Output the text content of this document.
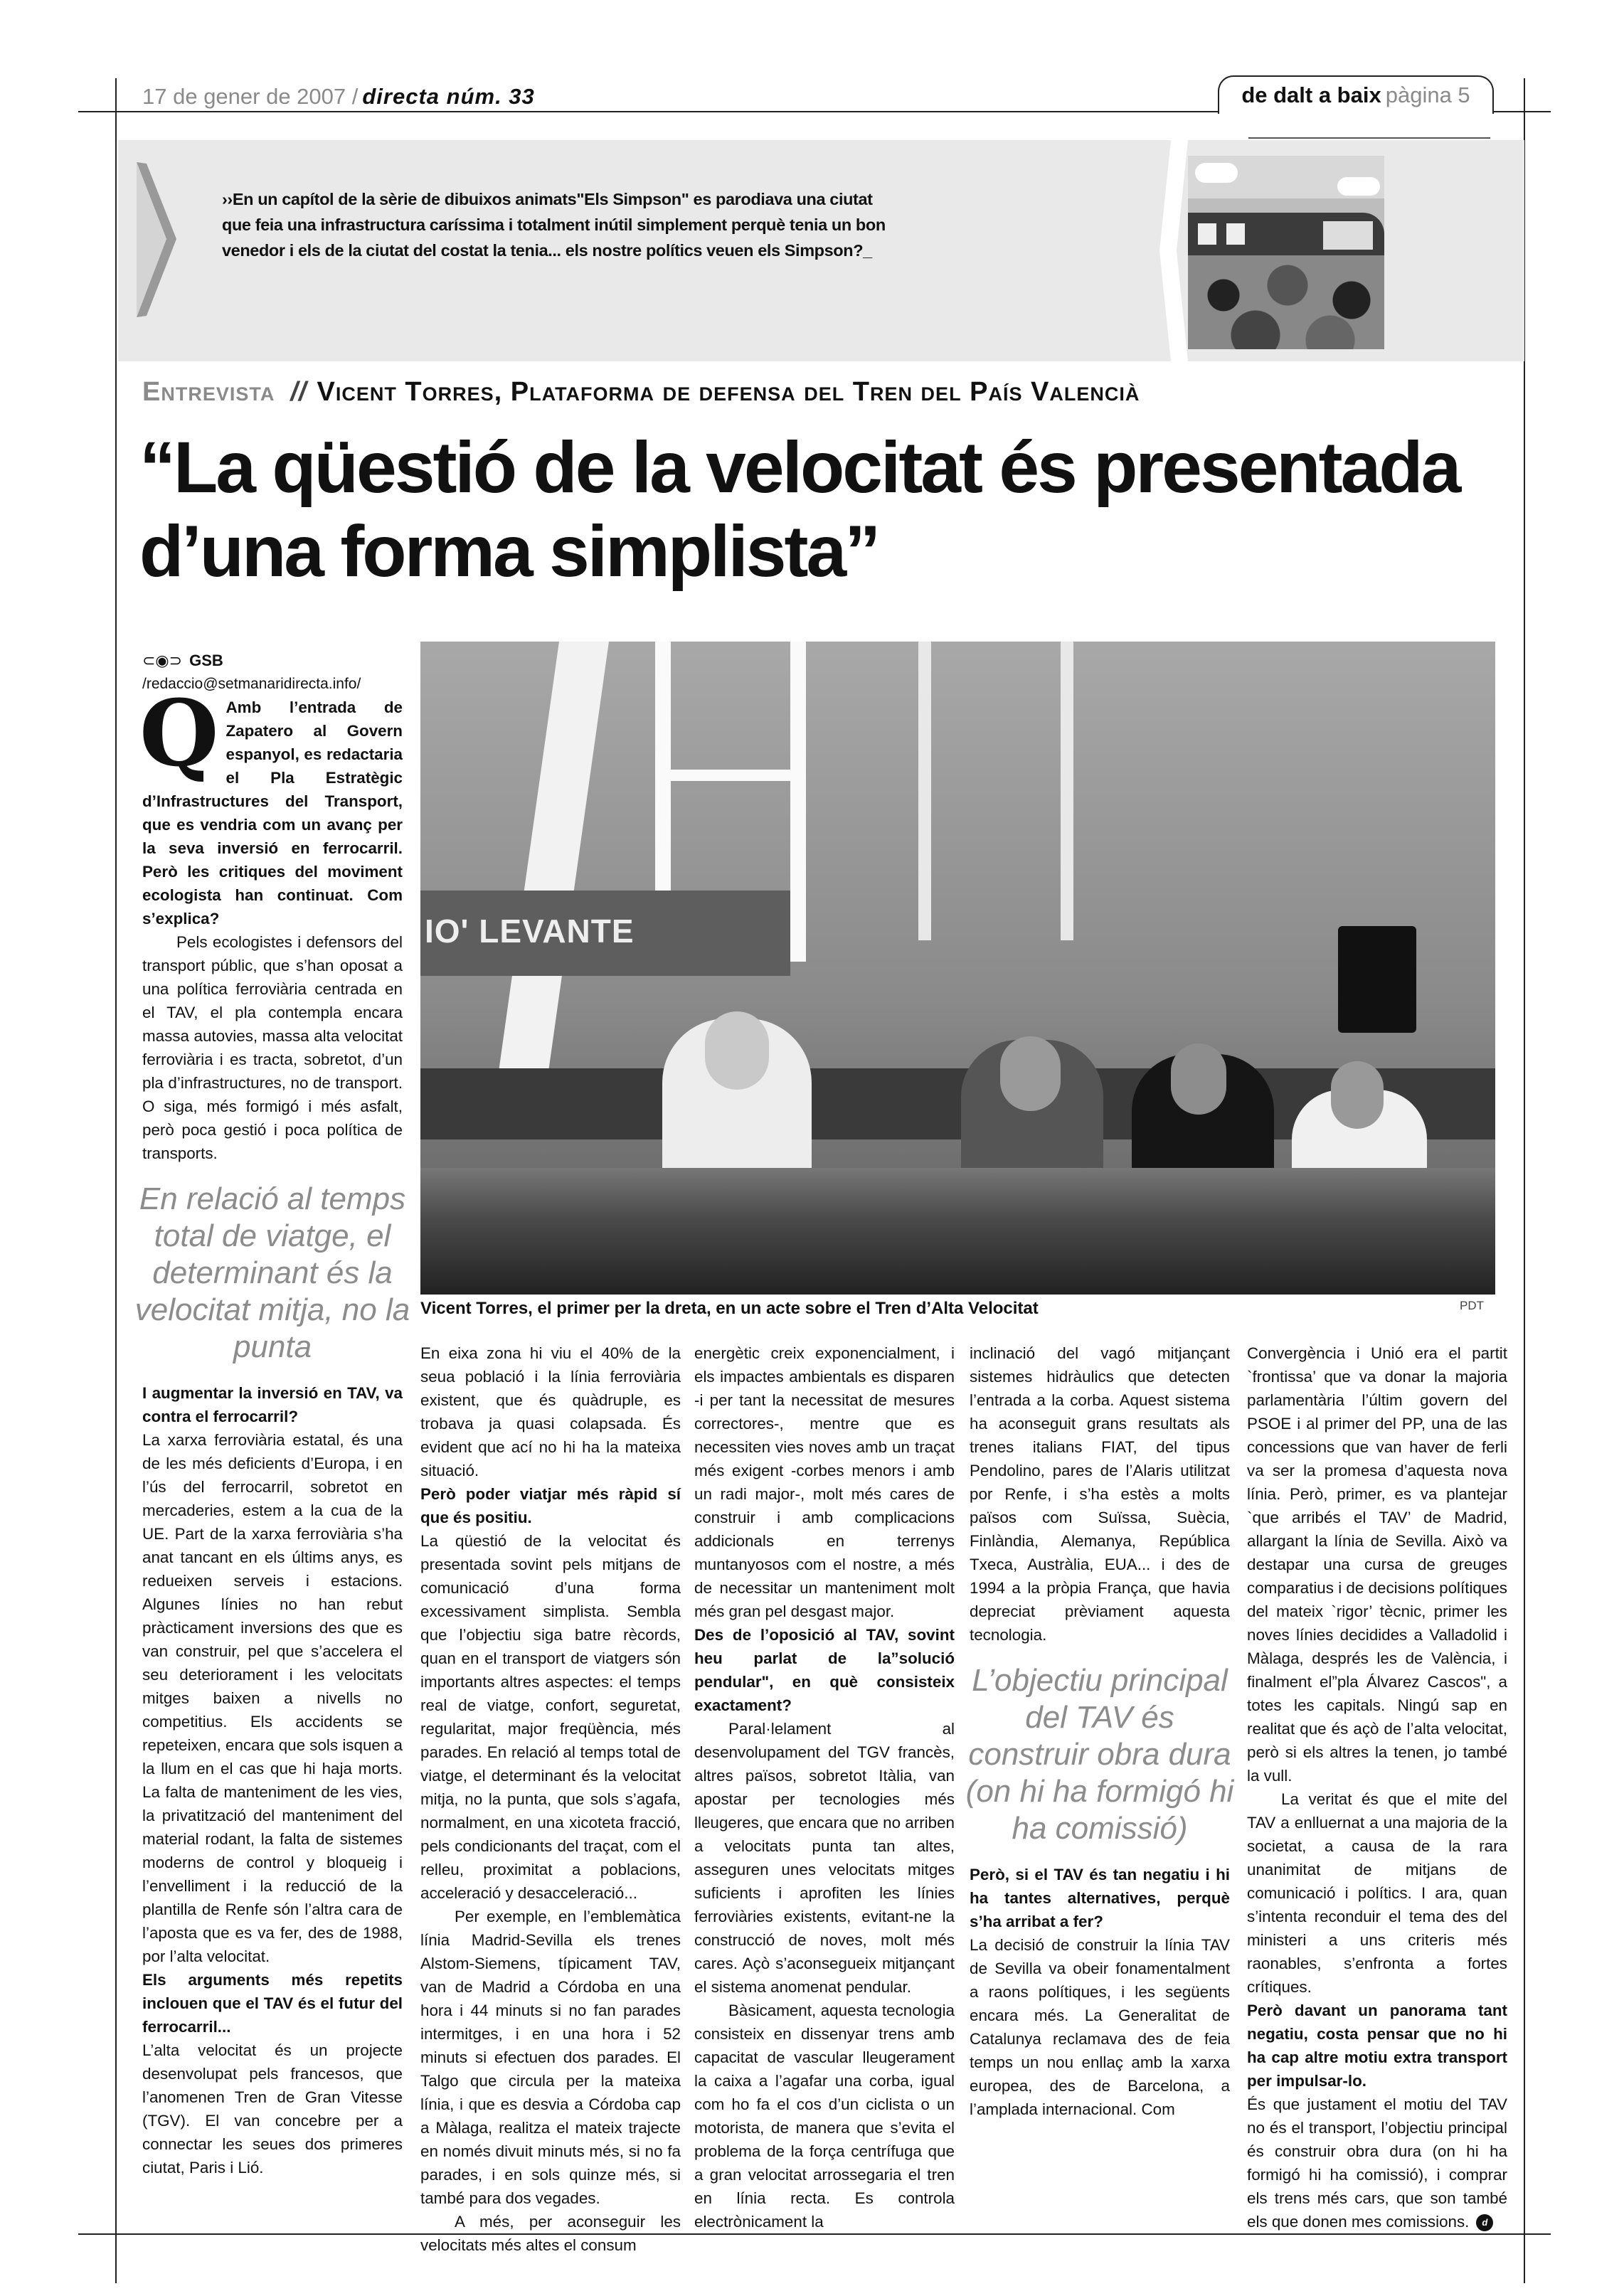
17 de gener de 2007 / directa núm. 33	de dalt a baix pàgina 5
››En un capítol de la sèrie de dibuixos animats"Els Simpson" es parodiava una ciutat que feia una infrastructura caríssima i totalment inútil simplement perquè tenia un bon venedor i els de la ciutat del costat la tenia... els nostre polítics veuen els Simpson?_
Entrevista // Vicent Torres, Plataforma de defensa del Tren del País Valencià
“La qüestió de la velocitat és presentada d’una forma simplista”
IO' LEVANTE
Vicent Torres, el primer per la dreta, en un acte sobre el Tren d’Alta Velocitat	PDT
⊂◉⊃ GSB
/redaccio@setmanaridirecta.info/

Q Amb l’entrada de Zapatero al Govern espanyol, es redactaria el Pla Estratègic d’Infrastructures del Transport, que es vendria com un avanç per la seva inversió en ferrocarril. Però les critiques del moviment ecologista han continuat. Com s’explica?

Pels ecologistes i defensors del transport públic, que s’han oposat a una política ferroviària centrada en el TAV, el pla contempla encara massa autovies, massa alta velocitat ferroviària i es tracta, sobretot, d’un pla d’infrastructures, no de transport. O siga, més formigó i més asfalt, però poca gestió i poca política de transports.

En relació al temps total de viatge, el determinant és la velocitat mitja, no la punta

I augmentar la inversió en TAV, va contra el ferrocarril?

La xarxa ferroviària estatal, és una de les més deficients d’Europa, i en l’ús del ferrocarril, sobretot en mercaderies, estem a la cua de la UE. Part de la xarxa ferroviària s’ha anat tancant en els últims anys, es redueixen serveis i estacions. Algunes línies no han rebut pràcticament inversions des que es van construir, pel que s’accelera el seu deteriorament i les velocitats mitges baixen a nivells no competitius. Els accidents se repeteixen, encara que sols isquen a la llum en el cas que hi haja morts. La falta de manteniment de les vies, la privatització del manteniment del material rodant, la falta de sistemes moderns de control y bloqueig i l’envelliment i la reducció de la plantilla de Renfe són l’altra cara de l’aposta que es va fer, des de 1988, por l’alta velocitat.

Els arguments més repetits inclouen que el TAV és el futur del ferrocarril...

L’alta velocitat és un projecte desenvolupat pels francesos, que l’anomenen Tren de Gran Vitesse (TGV). El van concebre per a connectar les seues dos primeres ciutat, Paris i Lió.

En eixa zona hi viu el 40% de la seua població i la línia ferroviària existent, que és quàdruple, es trobava ja quasi colapsada. És evident que ací no hi ha la mateixa situació.

Però poder viatjar més ràpid sí que és positiu.

La qüestió de la velocitat és presentada sovint pels mitjans de comunicació d’una forma excessivament simplista. Sembla que l’objectiu siga batre rècords, quan en el transport de viatgers són importants altres aspectes: el temps real de viatge, confort, seguretat, regularitat, major freqüència, més parades. En relació al temps total de viatge, el determinant és la velocitat mitja, no la punta, que sols s’agafa, normalment, en una xicoteta fracció, pels condicionants del traçat, com el relleu, proximitat a poblacions, acceleració y desacceleració...

Per exemple, en l’emblemàtica línia Madrid-Sevilla els trenes Alstom-Siemens, típicament TAV, van de Madrid a Córdoba en una hora i 44 minuts si no fan parades intermitges, i en una hora i 52 minuts si efectuen dos parades. El Talgo que circula per la mateixa línia, i que es desvia a Córdoba cap a Màlaga, realitza el mateix trajecte en només divuit minuts més, si no fa parades, i en sols quinze més, si també para dos vegades.

A més, per aconseguir les velocitats més altes el consum

energètic creix exponencialment, i els impactes ambientals es disparen -i per tant la necessitat de mesures correctores-, mentre que es necessiten vies noves amb un traçat més exigent -corbes menors i amb un radi major-, molt més cares de construir i amb complicacions addicionals en terrenys muntanyosos com el nostre, a més de necessitar un manteniment molt més gran pel desgast major.

Des de l’oposició al TAV, sovint heu parlat de la”solució pendular", en què consisteix exactament?

Paral·lelament al desenvolupament del TGV francès, altres països, sobretot Itàlia, van apostar per tecnologies més lleugeres, que encara que no arriben a velocitats punta tan altes, asseguren unes velocitats mitges suficients i aprofiten les línies ferroviàries existents, evitant-ne la construcció de noves, molt més cares. Açò s’aconsegueix mitjançant el sistema anomenat pendular.

Bàsicament, aquesta tecnologia consisteix en dissenyar trens amb capacitat de vascular lleugerament la caixa a l’agafar una corba, igual com ho fa el cos d’un ciclista o un motorista, de manera que s’evita el problema de la força centrífuga que a gran velocitat arrossegaria el tren en línia recta. Es controla electrònicament la

inclinació del vagó mitjançant sistemes hidràulics que detecten l’entrada a la corba. Aquest sistema ha aconseguit grans resultats als trenes italians FIAT, del tipus Pendolino, pares de l’Alaris utilitzat por Renfe, i s’ha estès a molts països com Suïssa, Suècia, Finlàndia, Alemanya, República Txeca, Austràlia, EUA... i des de 1994 a la pròpia França, que havia depreciat prèviament aquesta tecnologia.

L’objectiu principal del TAV és construir obra dura (on hi ha formigó hi ha comissió)

Però, si el TAV és tan negatiu i hi ha tantes alternatives, perquè s’ha arribat a fer?

La decisió de construir la línia TAV de Sevilla va obeir fonamentalment a raons polítiques, i les següents encara més. La Generalitat de Catalunya reclamava des de feia temps un nou enllaç amb la xarxa europea, des de Barcelona, a l’amplada internacional. Com

Convergència i Unió era el partit `frontissa’ que va donar la majoria parlamentària l’últim govern del PSOE i al primer del PP, una de las concessions que van haver de ferli va ser la promesa d’aquesta nova línia. Però, primer, es va plantejar `que arribés el TAV’ de Madrid, allargant la línia de Sevilla. Això va destapar una cursa de greuges comparatius i de decisions polítiques del mateix `rigor’ tècnic, primer les noves línies decidides a Valladolid i Màlaga, després les de València, i finalment el”pla Álvarez Cascos", a totes les capitals. Ningú sap en realitat que és açò de l’alta velocitat, però si els altres la tenen, jo també la vull.

La veritat és que el mite del TAV a enlluernat a una majoria de la societat, a causa de la rara unanimitat de mitjans de comunicació i polítics. I ara, quan s’intenta reconduir el tema des del ministeri a uns criteris més raonables, s’enfronta a fortes crítiques.

Però davant un panorama tant negatiu, costa pensar que no hi ha cap altre motiu extra transport per impulsar-lo.

És que justament el motiu del TAV no és el transport, l’objectiu principal és construir obra dura (on hi ha formigó hi ha comissió), i comprar els trens més cars, que son també els que donen mes comissions. d
